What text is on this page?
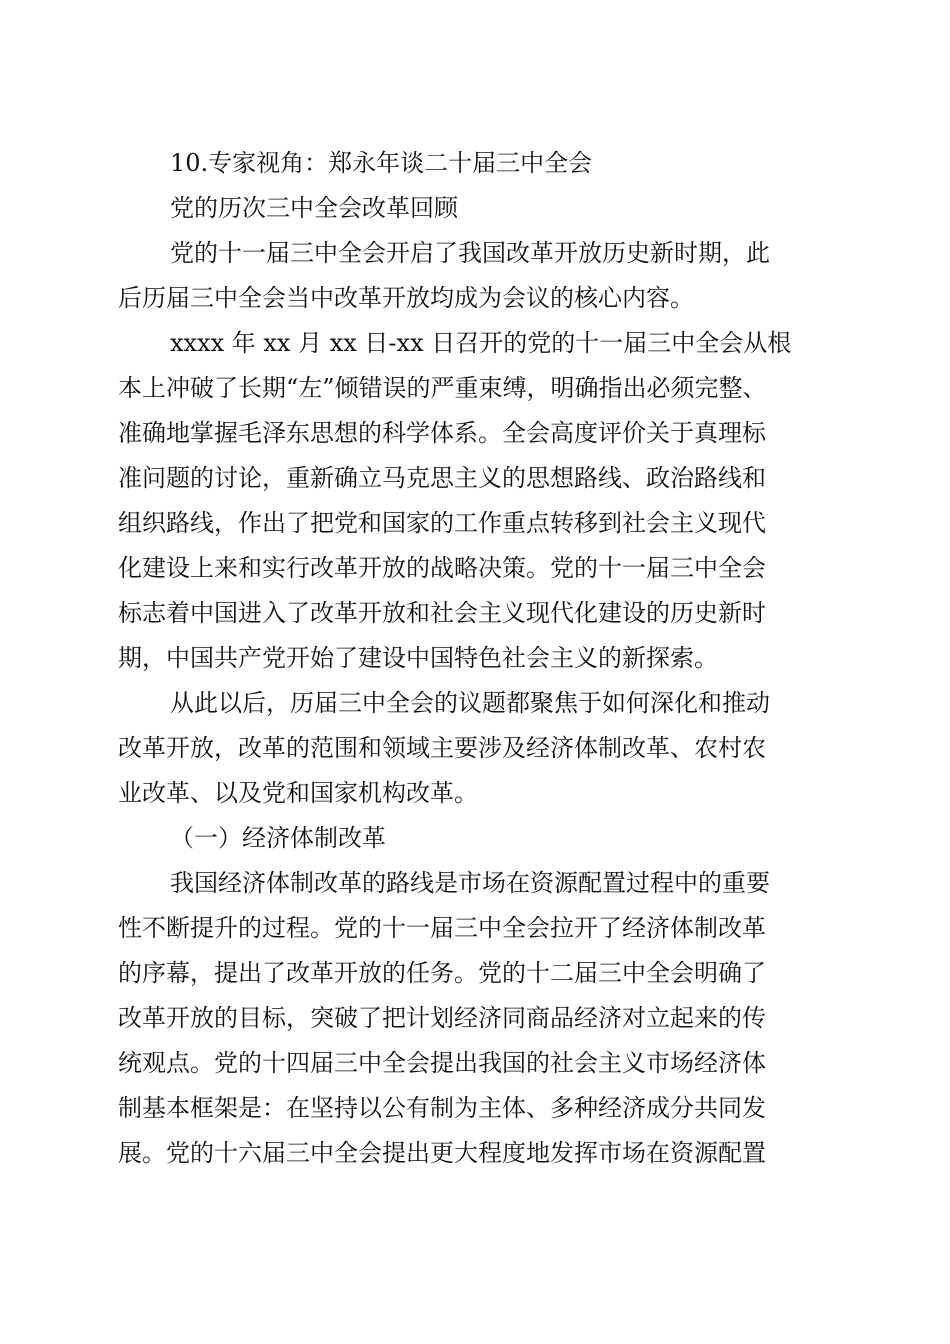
10.专家视角：郑永年谈二十届三中全会
党的历次三中全会改革回顾
党的十一届三中全会开启了我国改革开放历史新时期，此
后历届三中全会当中改革开放均成为会议的核心内容。
xxxx 年 xx 月 xx 日-xx 日召开的党的十一届三中全会从根
本上冲破了长期“左”倾错误的严重束缚，明确指出必须完整、
准确地掌握毛泽东思想的科学体系。全会高度评价关于真理标
准问题的讨论，重新确立马克思主义的思想路线、政治路线和
组织路线，作出了把党和国家的工作重点转移到社会主义现代
化建设上来和实行改革开放的战略决策。党的十一届三中全会
标志着中国进入了改革开放和社会主义现代化建设的历史新时
期，中国共产党开始了建设中国特色社会主义的新探索。
从此以后，历届三中全会的议题都聚焦于如何深化和推动
改革开放，改革的范围和领域主要涉及经济体制改革、农村农
业改革、以及党和国家机构改革。
（一）经济体制改革
我国经济体制改革的路线是市场在资源配置过程中的重要
性不断提升的过程。党的十一届三中全会拉开了经济体制改革
的序幕，提出了改革开放的任务。党的十二届三中全会明确了
改革开放的目标，突破了把计划经济同商品经济对立起来的传
统观点。党的十四届三中全会提出我国的社会主义市场经济体
制基本框架是：在坚持以公有制为主体、多种经济成分共同发
展。党的十六届三中全会提出更大程度地发挥市场在资源配置
